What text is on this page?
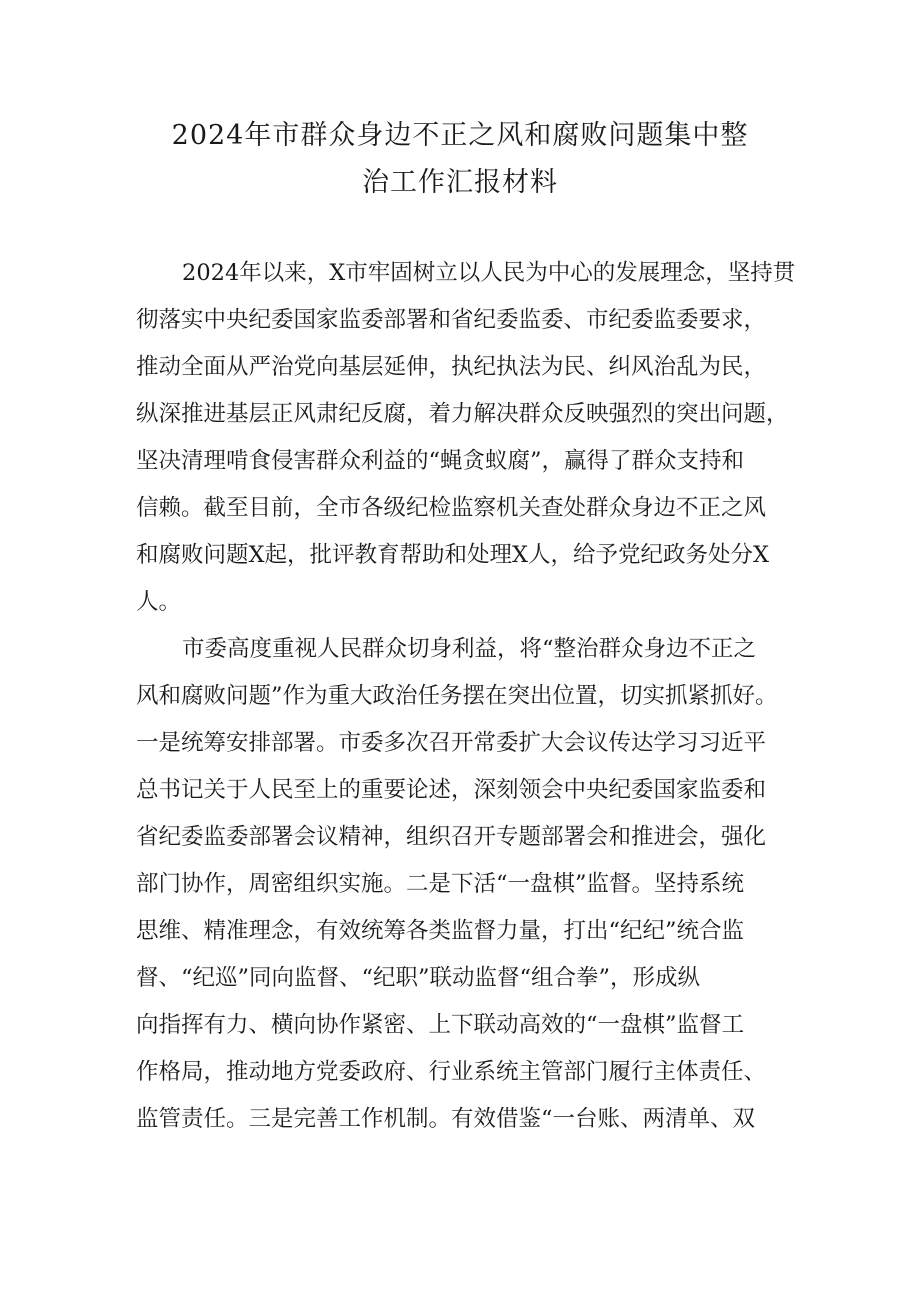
2024年市群众身边不正之风和腐败问题集中整
治工作汇报材料
2024年以来，X市牢固树立以人民为中心的发展理念，坚持贯
彻落实中央纪委国家监委部署和省纪委监委、市纪委监委要求，
推动全面从严治党向基层延伸，执纪执法为民、纠风治乱为民，
纵深推进基层正风肃纪反腐，着力解决群众反映强烈的突出问题，
坚决清理啃食侵害群众利益的“蝇贪蚁腐”，赢得了群众支持和
信赖。截至目前，全市各级纪检监察机关查处群众身边不正之风
和腐败问题X起，批评教育帮助和处理X人，给予党纪政务处分X
人。
市委高度重视人民群众切身利益，将“整治群众身边不正之
风和腐败问题”作为重大政治任务摆在突出位置，切实抓紧抓好。
一是统筹安排部署。市委多次召开常委扩大会议传达学习习近平
总书记关于人民至上的重要论述，深刻领会中央纪委国家监委和
省纪委监委部署会议精神，组织召开专题部署会和推进会，强化
部门协作，周密组织实施。二是下活“一盘棋”监督。坚持系统
思维、精准理念，有效统筹各类监督力量，打出“纪纪”统合监
督、“纪巡”同向监督、“纪职”联动监督“组合拳”，形成纵
向指挥有力、横向协作紧密、上下联动高效的“一盘棋”监督工
作格局，推动地方党委政府、行业系统主管部门履行主体责任、
监管责任。三是完善工作机制。有效借鉴“一台账、两清单、双
